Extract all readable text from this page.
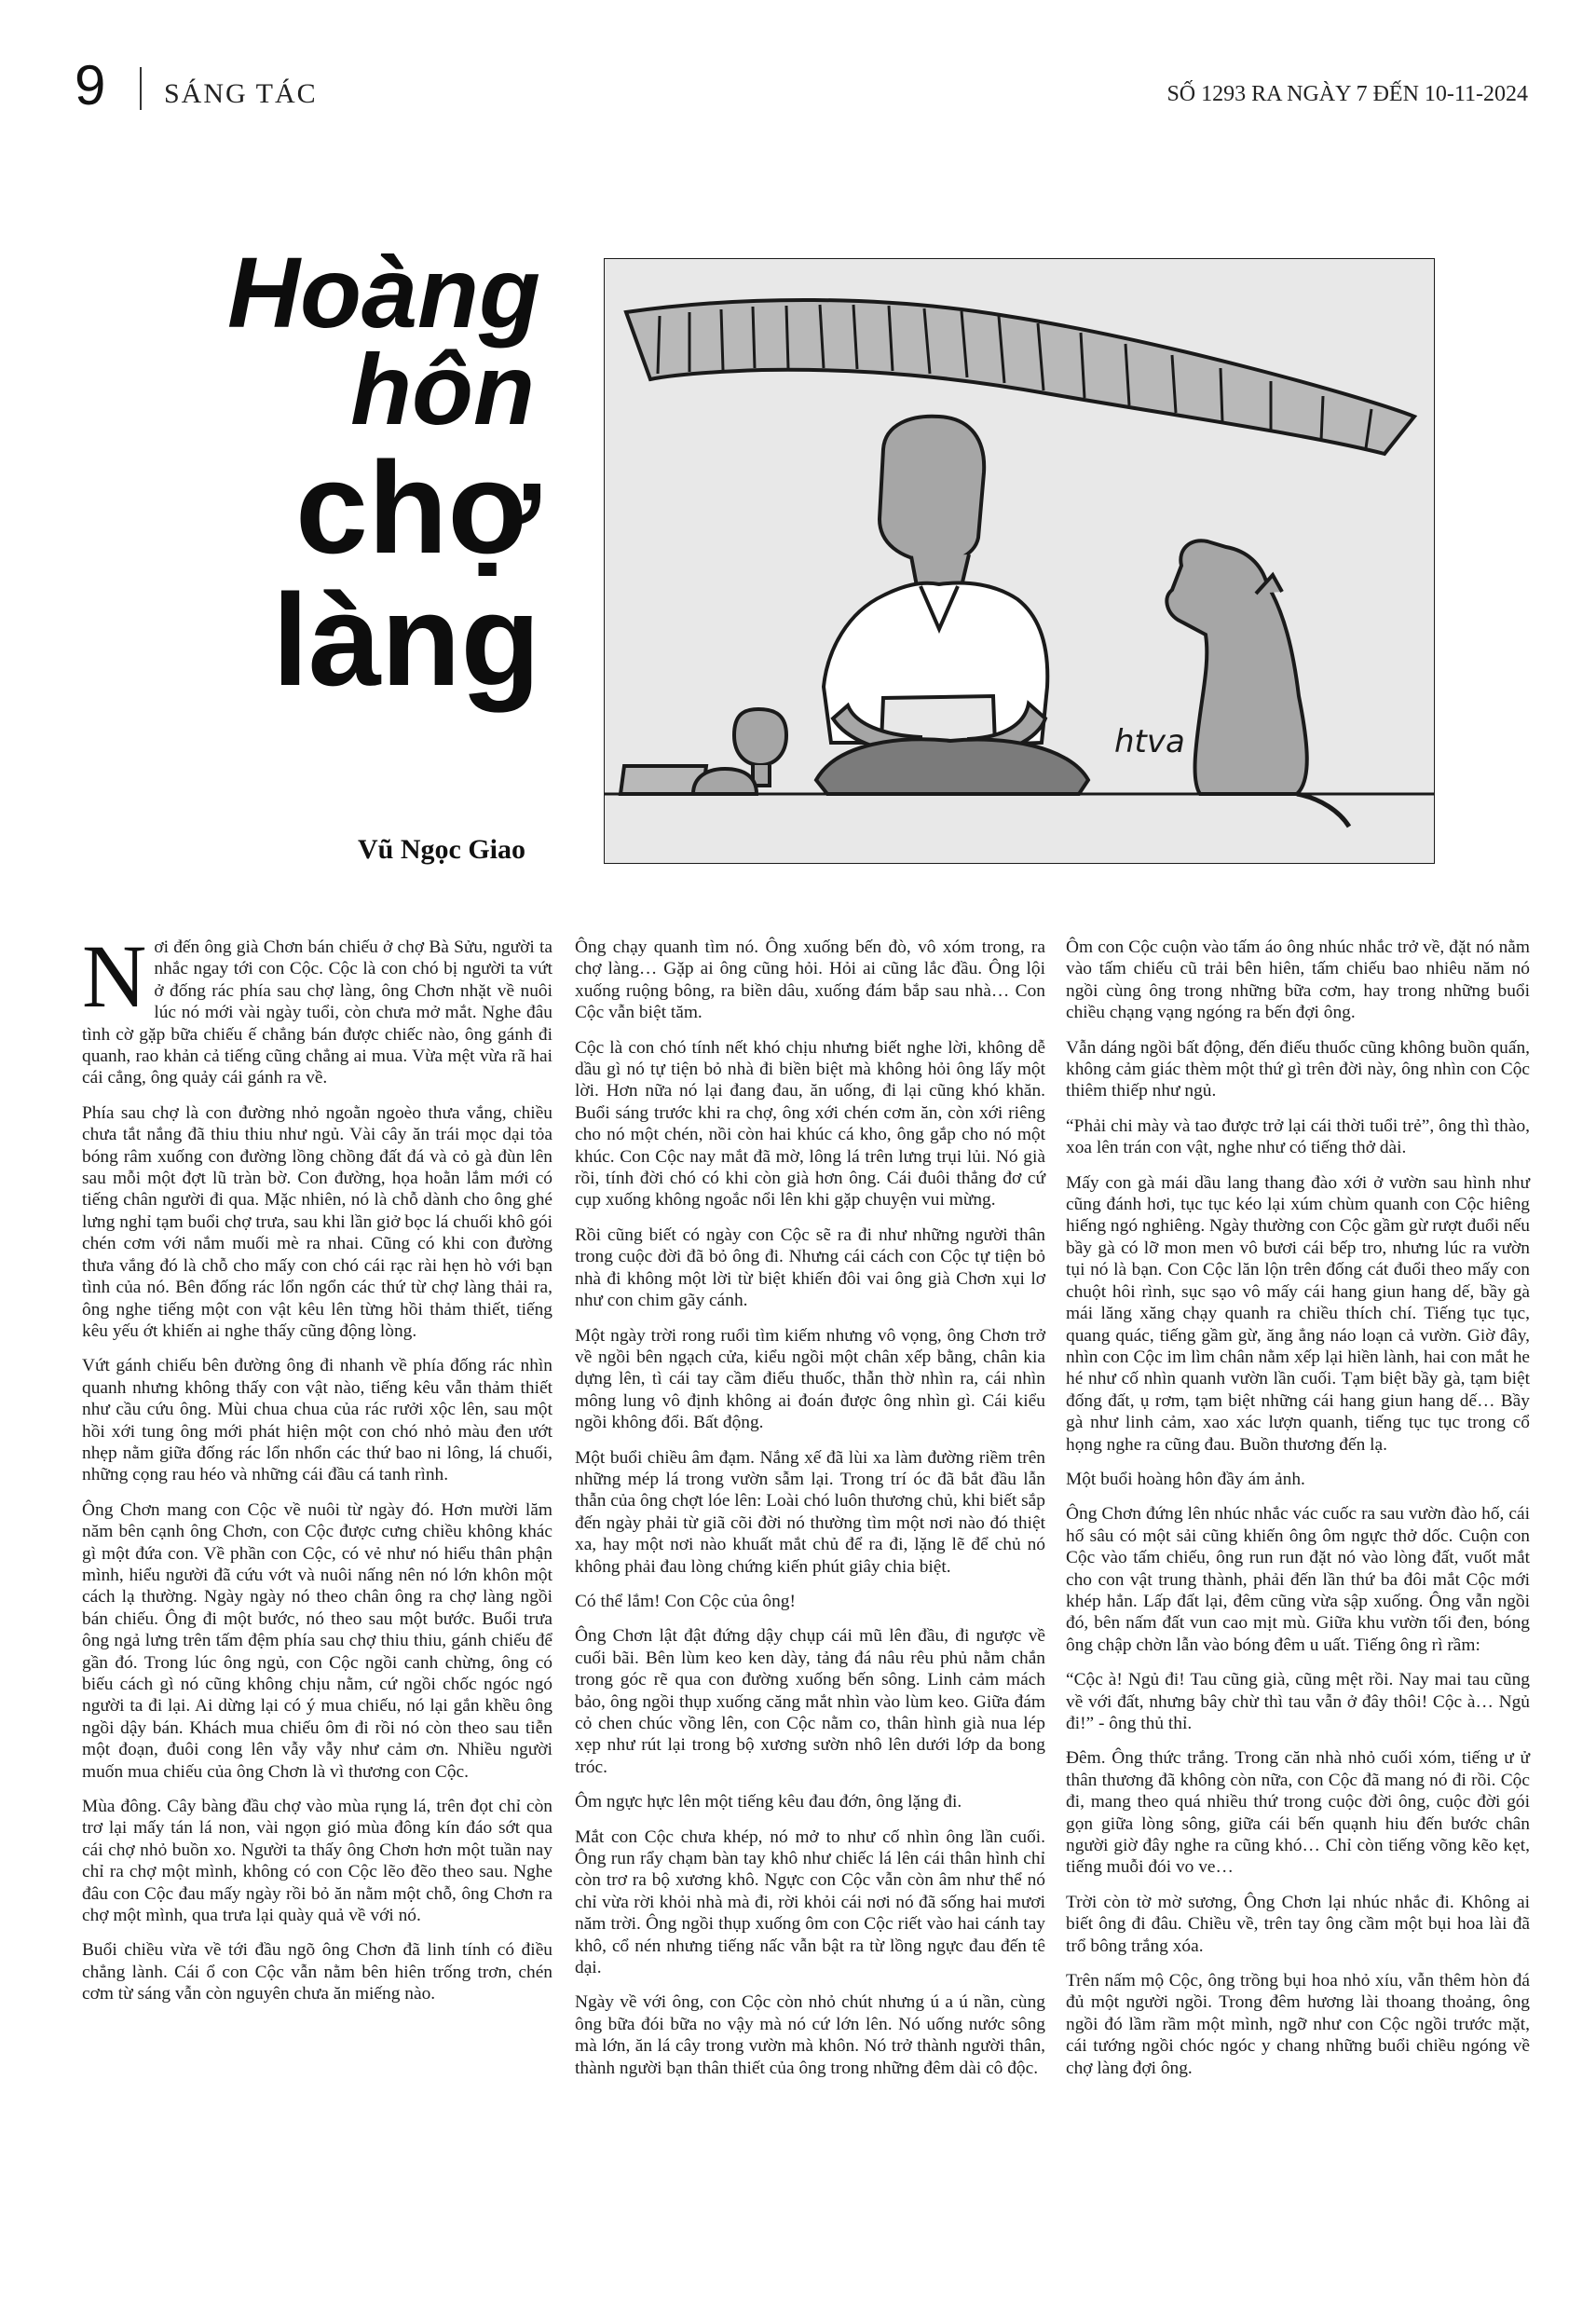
9 SÁNG TÁC	SỐ 1293 RA NGÀY 7 ĐẾN 10-11-2024
Hoàng
hôn
chợ
làng
Vũ Ngọc Giao
htva

Nơi đến ông già Chơn bán chiếu ở chợ Bà Sửu, người ta nhắc ngay tới con Cộc. Cộc là con chó bị người ta vứt ở đống rác phía sau chợ làng, ông Chơn nhặt về nuôi lúc nó mới vài ngày tuổi, còn chưa mở mắt. Nghe đâu tình cờ gặp bữa chiếu ế chẳng bán được chiếc nào, ông gánh đi quanh, rao khản cả tiếng cũng chẳng ai mua. Vừa mệt vừa rã hai cái cẳng, ông quảy cái gánh ra về.

Phía sau chợ là con đường nhỏ ngoằn ngoèo thưa vắng, chiều chưa tắt nắng đã thiu thiu như ngủ. Vài cây ăn trái mọc dại tỏa bóng râm xuống con đường lồng chồng đất đá và cỏ gà đùn lên sau mỗi một đợt lũ tràn bờ. Con đường, họa hoằn lắm mới có tiếng chân người đi qua. Mặc nhiên, nó là chỗ dành cho ông ghé lưng nghỉ tạm buổi chợ trưa, sau khi lần giở bọc lá chuối khô gói chén cơm với nắm muối mè ra nhai. Cũng có khi con đường thưa vắng đó là chỗ cho mấy con chó cái rạc rài hẹn hò với bạn tình của nó. Bên đống rác lổn ngổn các thứ từ chợ làng thải ra, ông nghe tiếng một con vật kêu lên từng hồi thảm thiết, tiếng kêu yếu ớt khiến ai nghe thấy cũng động lòng.

Vứt gánh chiếu bên đường ông đi nhanh về phía đống rác nhìn quanh nhưng không thấy con vật nào, tiếng kêu vẫn thảm thiết như cầu cứu ông. Mùi chua chua của rác rưởi xộc lên, sau một hồi xới tung ông mới phát hiện một con chó nhỏ màu đen ướt nhẹp nằm giữa đống rác lổn nhổn các thứ bao ni lông, lá chuối, những cọng rau héo và những cái đầu cá tanh rình.

Ông Chơn mang con Cộc về nuôi từ ngày đó. Hơn mười lăm năm bên cạnh ông Chơn, con Cộc được cưng chiều không khác gì một đứa con. Về phần con Cộc, có vẻ như nó hiểu thân phận mình, hiểu người đã cứu vớt và nuôi nấng nên nó lớn khôn một cách lạ thường. Ngày ngày nó theo chân ông ra chợ làng ngồi bán chiếu. Ông đi một bước, nó theo sau một bước. Buổi trưa ông ngả lưng trên tấm đệm phía sau chợ thiu thiu, gánh chiếu để gần đó. Trong lúc ông ngủ, con Cộc ngồi canh chừng, ông có biếu cách gì nó cũng không chịu nằm, cứ ngồi chốc ngóc ngó người ta đi lại. Ai dừng lại có ý mua chiếu, nó lại gắn khều ông ngồi dậy bán. Khách mua chiếu ôm đi rồi nó còn theo sau tiễn một đoạn, đuôi cong lên vẫy vẫy như cảm ơn. Nhiều người muốn mua chiếu của ông Chơn là vì thương con Cộc.

Mùa đông. Cây bàng đầu chợ vào mùa rụng lá, trên đọt chỉ còn trơ lại mấy tán lá non, vài ngọn gió mùa đông kín đáo sớt qua cái chợ nhỏ buồn xo. Người ta thấy ông Chơn hơn một tuần nay chỉ ra chợ một mình, không có con Cộc lẽo đẽo theo sau. Nghe đâu con Cộc đau mấy ngày rồi bỏ ăn nằm một chỗ, ông Chơn ra chợ một mình, qua trưa lại quày quả về với nó.

Buổi chiều vừa về tới đầu ngõ ông Chơn đã linh tính có điều chẳng lành. Cái ổ con Cộc vẫn nằm bên hiên trống trơn, chén cơm từ sáng vẫn còn nguyên chưa ăn miếng nào.

Ông chạy quanh tìm nó. Ông xuống bến đò, vô xóm trong, ra chợ làng… Gặp ai ông cũng hỏi. Hỏi ai cũng lắc đầu. Ông lội xuống ruộng bông, ra biền dâu, xuống đám bắp sau nhà… Con Cộc vẫn biệt tăm.

Cộc là con chó tính nết khó chịu nhưng biết nghe lời, không dễ dầu gì nó tự tiện bỏ nhà đi biền biệt mà không hỏi ông lấy một lời. Hơn nữa nó lại đang đau, ăn uống, đi lại cũng khó khăn. Buổi sáng trước khi ra chợ, ông xới chén cơm ăn, còn xới riêng cho nó một chén, nồi còn hai khúc cá kho, ông gắp cho nó một khúc. Con Cộc nay mắt đã mờ, lông lá trên lưng trụi lủi. Nó già rồi, tính đời chó có khi còn già hơn ông. Cái đuôi thẳng đơ cứ cụp xuống không ngoắc nổi lên khi gặp chuyện vui mừng.

Rồi cũng biết có ngày con Cộc sẽ ra đi như những người thân trong cuộc đời đã bỏ ông đi. Nhưng cái cách con Cộc tự tiện bỏ nhà đi không một lời từ biệt khiến đôi vai ông già Chơn xụi lơ như con chim gãy cánh.

Một ngày trời rong ruổi tìm kiếm nhưng vô vọng, ông Chơn trở về ngồi bên ngạch cửa, kiểu ngồi một chân xếp bằng, chân kia dựng lên, tì cái tay cầm điếu thuốc, thẫn thờ nhìn ra, cái nhìn mông lung vô định không ai đoán được ông nhìn gì. Cái kiểu ngồi không đổi. Bất động.

Một buổi chiều âm đạm. Nắng xế đã lùi xa làm đường riềm trên những mép lá trong vườn sẫm lại. Trong trí óc đã bắt đầu lẫn thẫn của ông chợt lóe lên: Loài chó luôn thương chủ, khi biết sắp đến ngày phải từ giã cõi đời nó thường tìm một nơi nào đó thiệt xa, hay một nơi nào khuất mắt chủ để ra đi, lặng lẽ để chủ nó không phải đau lòng chứng kiến phút giây chia biệt.

Có thể lắm! Con Cộc của ông!

Ông Chơn lật đật đứng dậy chụp cái mũ lên đầu, đi ngược về cuối bãi. Bên lùm keo ken dày, tảng đá nâu rêu phủ nằm chắn trong góc rẽ qua con đường xuống bến sông. Linh cảm mách bảo, ông ngồi thụp xuống căng mắt nhìn vào lùm keo. Giữa đám cỏ chen chúc vồng lên, con Cộc nằm co, thân hình già nua lép xẹp như rút lại trong bộ xương sườn nhô lên dưới lớp da bong tróc.

Ôm ngực hực lên một tiếng kêu đau đớn, ông lặng đi.

Mắt con Cộc chưa khép, nó mở to như cố nhìn ông lần cuối. Ông run rẩy chạm bàn tay khô như chiếc lá lên cái thân hình chỉ còn trơ ra bộ xương khô. Ngực con Cộc vẫn còn âm như thể nó chỉ vừa rời khỏi nhà mà đi, rời khỏi cái nơi nó đã sống hai mươi năm trời. Ông ngồi thụp xuống ôm con Cộc riết vào hai cánh tay khô, cổ nén nhưng tiếng nấc vẫn bật ra từ lồng ngực đau đến tê dại.

Ngày về với ông, con Cộc còn nhỏ chút nhưng ú a ú nần, cùng ông bữa đói bữa no vậy mà nó cứ lớn lên. Nó uống nước sông mà lớn, ăn lá cây trong vườn mà khôn. Nó trở thành người thân, thành người bạn thân thiết của ông trong những đêm dài cô độc.

Ôm con Cộc cuộn vào tấm áo ông nhúc nhắc trở về, đặt nó nằm vào tấm chiếu cũ trải bên hiên, tấm chiếu bao nhiêu năm nó ngồi cùng ông trong những bữa cơm, hay trong những buổi chiều chạng vạng ngóng ra bến đợi ông.

Vẫn dáng ngồi bất động, đến điếu thuốc cũng không buồn quấn, không cảm giác thèm một thứ gì trên đời này, ông nhìn con Cộc thiêm thiếp như ngủ.

“Phải chi mày và tao được trở lại cái thời tuổi trẻ”, ông thì thào, xoa lên trán con vật, nghe như có tiếng thở dài.

Mấy con gà mái dầu lang thang đào xới ở vườn sau hình như cũng đánh hơi, tục tục kéo lại xúm chùm quanh con Cộc hiêng hiếng ngó nghiêng. Ngày thường con Cộc gầm gừ rượt đuổi nếu bầy gà có lỡ mon men vô bươi cái bếp tro, nhưng lúc ra vườn tụi nó là bạn. Con Cộc lăn lộn trên đống cát đuổi theo mấy con chuột hôi rình, sục sạo vô mấy cái hang giun hang dế, bầy gà mái lăng xăng chạy quanh ra chiều thích chí. Tiếng tục tục, quang quác, tiếng gầm gừ, ăng ẳng náo loạn cả vườn. Giờ đây, nhìn con Cộc im lìm chân nằm xếp lại hiền lành, hai con mắt he hé như cố nhìn quanh vườn lần cuối. Tạm biệt bầy gà, tạm biệt đống đất, ụ rơm, tạm biệt những cái hang giun hang dế… Bầy gà như linh cảm, xao xác lượn quanh, tiếng tục tục trong cổ họng nghe ra cũng đau. Buồn thương đến lạ.

Một buổi hoàng hôn đầy ám ảnh.

Ông Chơn đứng lên nhúc nhắc vác cuốc ra sau vườn đào hố, cái hố sâu có một sải cũng khiến ông ôm ngực thở dốc. Cuộn con Cộc vào tấm chiếu, ông run run đặt nó vào lòng đất, vuốt mắt cho con vật trung thành, phải đến lần thứ ba đôi mắt Cộc mới khép hẳn. Lấp đất lại, đêm cũng vừa sập xuống. Ông vẫn ngồi đó, bên nấm đất vun cao mịt mù. Giữa khu vườn tối đen, bóng ông chập chờn lẫn vào bóng đêm u uất. Tiếng ông rì rầm:

“Cộc à! Ngủ đi! Tau cũng già, cũng mệt rồi. Nay mai tau cũng về với đất, nhưng bây chừ thì tau vẫn ở đây thôi! Cộc à… Ngủ đi!” - ông thủ thỉ.

Đêm. Ông thức trắng. Trong căn nhà nhỏ cuối xóm, tiếng ư ử thân thương đã không còn nữa, con Cộc đã mang nó đi rồi. Cộc đi, mang theo quá nhiều thứ trong cuộc đời ông, cuộc đời gói gọn giữa lòng sông, giữa cái bến quạnh hiu đến bước chân người giờ đây nghe ra cũng khó… Chỉ còn tiếng võng kẽo kẹt, tiếng muỗi đói vo ve…

Trời còn tờ mờ sương, Ông Chơn lại nhúc nhắc đi. Không ai biết ông đi đâu. Chiều về, trên tay ông cầm một bụi hoa lài đã trổ bông trắng xóa.

Trên nấm mộ Cộc, ông trồng bụi hoa nhỏ xíu, vẫn thêm hòn đá đủ một người ngồi. Trong đêm hương lài thoang thoảng, ông ngồi đó lầm rầm một mình, ngỡ như con Cộc ngồi trước mặt, cái tướng ngồi chóc ngóc y chang những buổi chiều ngóng về chợ làng đợi ông.
